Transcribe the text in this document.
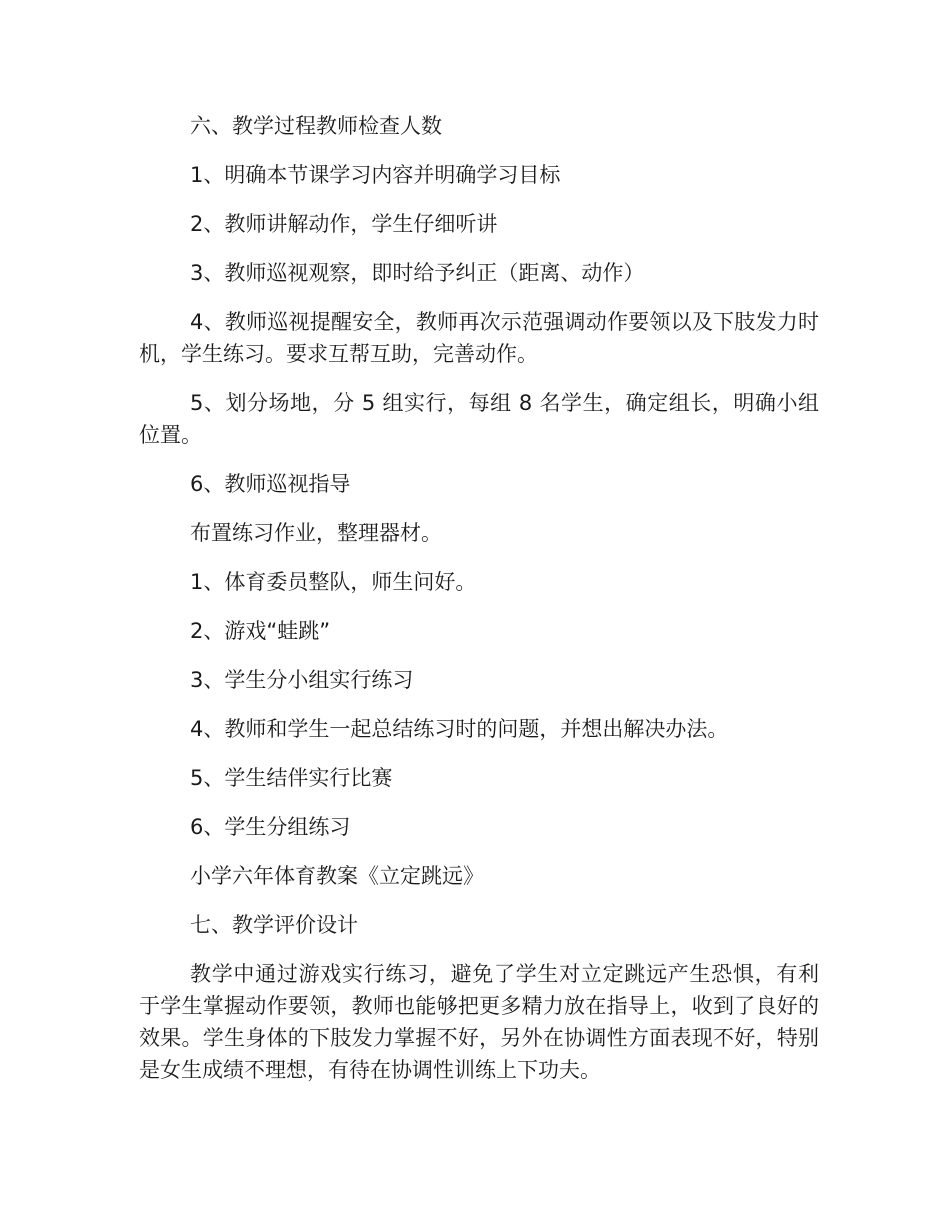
六、教学过程教师检查人数

1、明确本节课学习内容并明确学习目标

2、教师讲解动作，学生仔细听讲

3、教师巡视观察，即时给予纠正（距离、动作）

4、教师巡视提醒安全，教师再次示范强调动作要领以及下肢发力时机，学生练习。要求互帮互助，完善动作。

5、划分场地，分 5 组实行，每组 8 名学生，确定组长，明确小组位置。

6、教师巡视指导

布置练习作业，整理器材。

1、体育委员整队，师生问好。

2、游戏“蛙跳”

3、学生分小组实行练习

4、教师和学生一起总结练习时的问题，并想出解决办法。

5、学生结伴实行比赛

6、学生分组练习

小学六年体育教案《立定跳远》

七、教学评价设计

教学中通过游戏实行练习，避免了学生对立定跳远产生恐惧，有利于学生掌握动作要领，教师也能够把更多精力放在指导上，收到了良好的效果。学生身体的下肢发力掌握不好，另外在协调性方面表现不好，特别是女生成绩不理想，有待在协调性训练上下功夫。
